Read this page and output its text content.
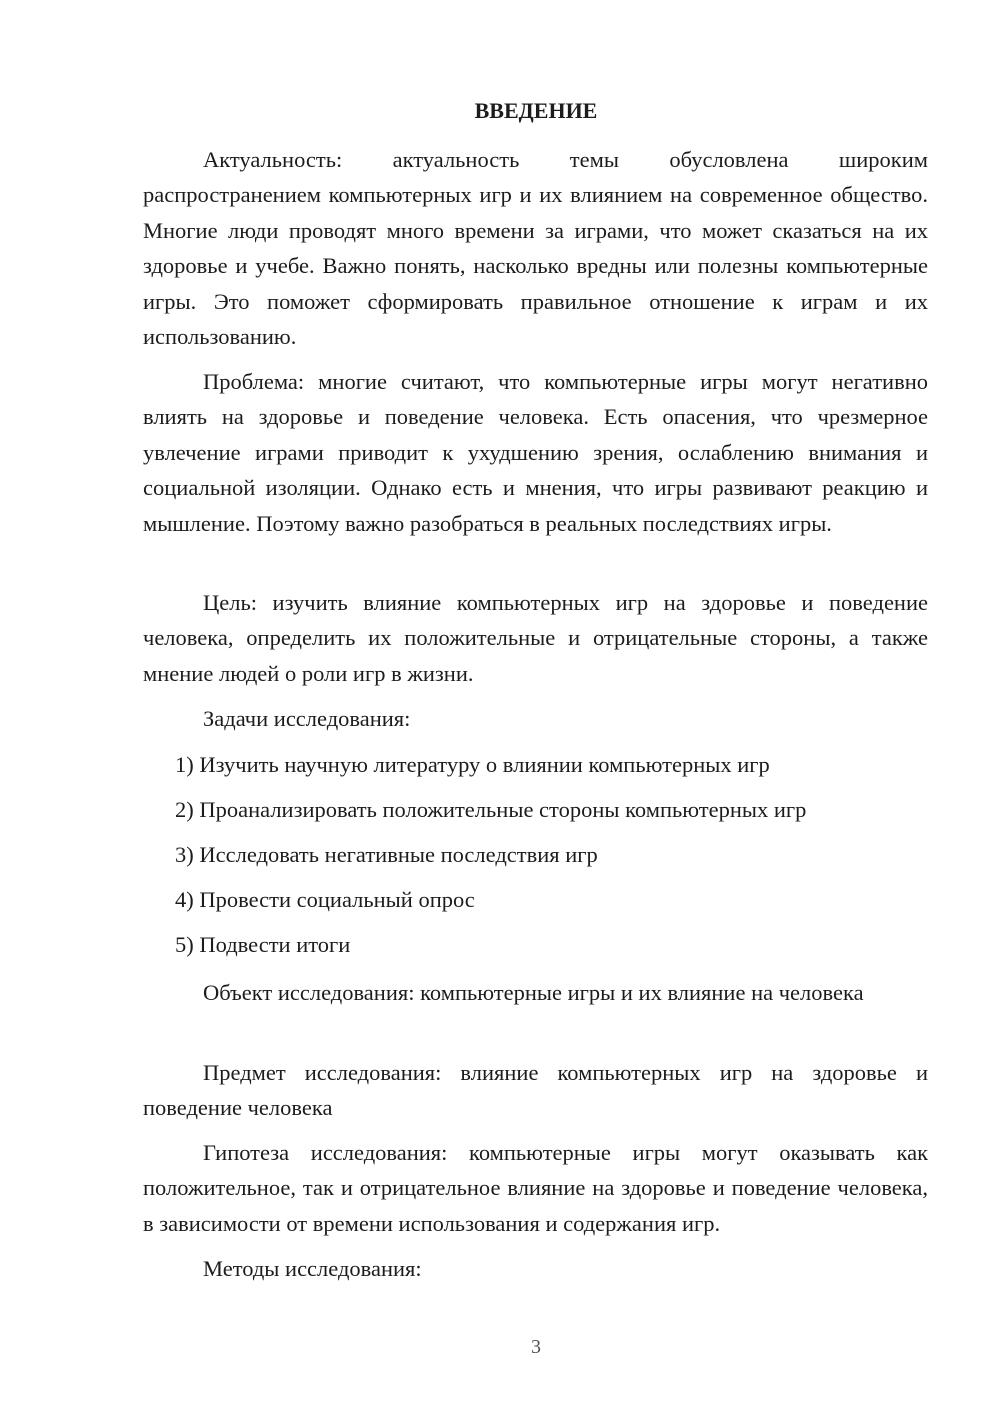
ВВЕДЕНИЕ

Актуальность: актуальность темы обусловлена широким распространением компьютерных игр и их влиянием на современное общество. Многие люди проводят много времени за играми, что может сказаться на их здоровье и учебе. Важно понять, насколько вредны или полезны компьютерные игры. Это поможет сформировать правильное отношение к играм и их использованию.

Проблема: многие считают, что компьютерные игры могут негативно влиять на здоровье и поведение человека. Есть опасения, что чрезмерное увлечение играми приводит к ухудшению зрения, ослаблению внимания и социальной изоляции. Однако есть и мнения, что игры развивают реакцию и мышление. Поэтому важно разобраться в реальных последствиях игры.

Цель: изучить влияние компьютерных игр на здоровье и поведение человека, определить их положительные и отрицательные стороны, а также мнение людей о роли игр в жизни.

Задачи исследования:

1) Изучить научную литературу о влиянии компьютерных игр

2) Проанализировать положительные стороны компьютерных игр

3) Исследовать негативные последствия игр

4) Провести социальный опрос

5) Подвести итоги

Объект исследования: компьютерные игры и их влияние на человека

Предмет исследования: влияние компьютерных игр на здоровье и поведение человека

Гипотеза исследования: компьютерные игры могут оказывать как положительное, так и отрицательное влияние на здоровье и поведение человека, в зависимости от времени использования и содержания игр.

Методы исследования:

3
